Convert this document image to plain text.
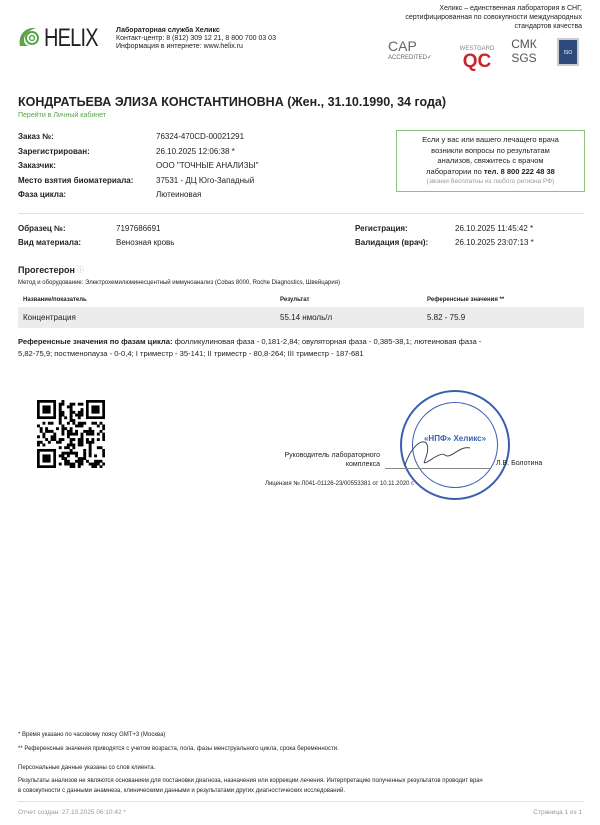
HELIX	Лабораторная служба Хеликс
Контакт-центр: 8 (812) 309 12 21, 8 800 700 03 03
Информация в интернете: www.helix.ru
Хеликс – единственная лаборатория в СНГ,
сертифицированная по совокупности международных
стандартов качества
CAP
ACCREDITED✓
WESTGARD QC
СМК SGS	ISO
КОНДРАТЬЕВА ЭЛИЗА КОНСТАНТИНОВНА (Жен., 31.10.1990, 34 года)
Перейти в Личный кабинет
Заказ №:	76324-470CD-00021291
Зарегистрирован:	26.10.2025 12:06:38 *
Заказчик:	ООО "ТОЧНЫЕ АНАЛИЗЫ"
Место взятия биоматериала:	37531 - ДЦ Юго-Западный
Фаза цикла:	Лютеиновая
Если у вас или вашего лечащего врача
возникли вопросы по результатам
анализов, свяжитесь с врачом
лаборатории по тел. 8 800 222 48 38
(звонки бесплатны из любого региона РФ)
Образец №:	7197686691
Вид материала:	Венозная кровь
Регистрация:	26.10.2025 11:45:42 *
Валидация (врач):	26.10.2025 23:07:13 *
Прогестерон ⓘ
Метод и оборудование: Электрохемилюминесцентный иммуноанализ (Cobas 8000, Roche Diagnostics, Швейцария)
Название/показатель	Результат	Референсные значения **
Концентрация	55.14 нмоль/л	5.82 - 75.9
Референсные значения по фазам цикла: фолликулиновая фаза - 0,181-2,84; овуляторная фаза - 0,385-38,1; лютеиновая фаза -
5,82-75,9; постменопауза - 0-0,4; I триместр - 35-141; II триместр - 80,8-264; III триместр - 187-681
«НПФ» Хеликс»
Руководитель лабораторного
комплекса	Л.В. Болотина
Лицензия № Л041-01126-23/00553381 от 10.11.2020 г.
* Время указано по часовому поясу GMT+3 (Москва)
** Референсные значения приводятся с учетом возраста, пола, фазы менструального цикла, срока беременности.
Персональные данные указаны со слов клиента.
Результаты анализов не являются основанием для постановки диагноза, назначения или коррекции лечения. Интерпретацию полученных результатов проводит врач
в совокупности с данными анамнеза, клиническими данными и результатами других диагностических исследований.
Отчет создан: 27.10.2025 06:10:42 *	Страница 1 из 1
